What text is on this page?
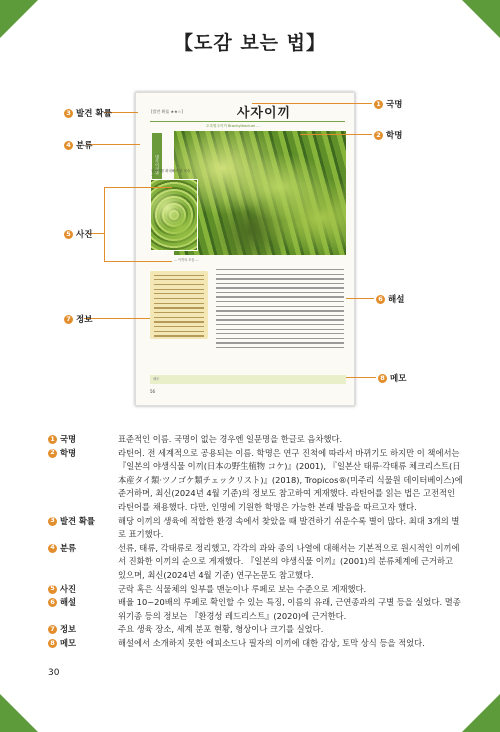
【도감 보는 법】
[발견 확률 ★★☆]	사자이끼
초록명주이끼 Brachythecium ...
명주이끼과
잎사귀를 확대해서 본 모습 ...
... 이끼의 모습 ...
메모
56
3 발견 확률
4 분류
5 사진
7 정보
1 국명
2 학명
6 해설
8 메모
1 국명	표준적인 이름. 국명이 없는 경우엔 일문명을 한글로 음차했다.
2 학명	라틴어. 전 세계적으로 공용되는 이름. 학명은 연구 진척에 따라서 바뀌기도 하지만 이 책에서는 『일본의 야생식물 이끼(日本の野生植物 コケ)』(2001), 『일본산 태류·각태류 체크리스트(日本産タイ類·ツノゴケ類チェックリスト)』(2018), Tropicos®(미주리 식물원 데이터베이스)에 준거하며, 최신(2024년 4월 기준)의 정보도 참고하여 게재했다. 라틴어를 읽는 법은 고전적인 라틴어를 채용했다. 다만, 인명에 기원한 학명은 가능한 본래 발음을 따르고자 했다.
3 발견 확률	해당 이끼의 생육에 적합한 환경 속에서 찾았을 때 발견하기 쉬운수록 별이 많다. 최대 3개의 별로 표기했다.
4 분류	선류, 태류, 각태류로 정리했고, 각각의 과와 종의 나열에 대해서는 기본적으로 원시적인 이끼에서 진화한 이끼의 순으로 게재했다. 『일본의 야생식물 이끼』(2001)의 분류체계에 근거하고 있으며, 최신(2024년 4월 기준) 연구논문도 참고했다.
5 사진	군락 혹은 식물체의 일부를 맨눈이나 루페로 보는 수준으로 게재했다.
6 해설	배율 10~20배의 루페로 확인할 수 있는 특징, 이름의 유래, 근연종과의 구별 등을 실었다. 멸종위기종 등의 정보는 『환경성 레드리스트』(2020)에 근거한다.
7 정보	주요 생육 장소, 세계 분포 현황, 형상이나 크기를 실었다.
8 메모	해설에서 소개하지 못한 에피소드나 필자의 이끼에 대한 감상, 토막 상식 등을 적었다.
30
